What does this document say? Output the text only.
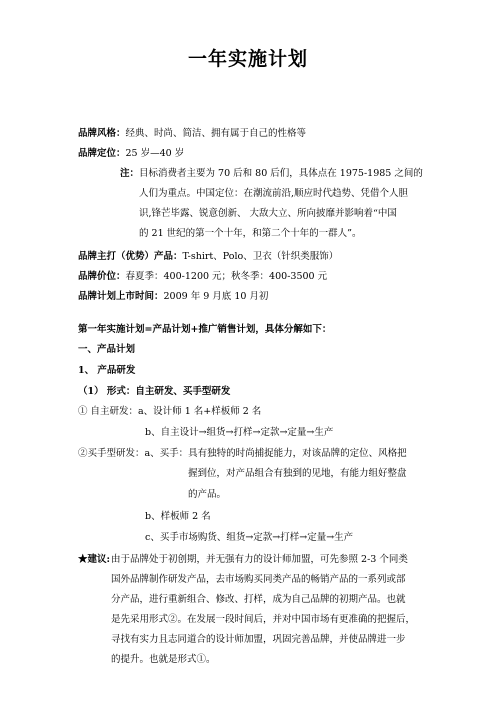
一年实施计划
品牌风格：经典、时尚、简洁、拥有属于自己的性格等
品牌定位：25 岁—40 岁
注： 目标消费者主要为 70 后和 80 后们，具体点在 1975-1985 之间的
人们为重点。中国定位：在潮流前沿,顺应时代趋势、凭借个人胆
识,锋芒毕露、锐意创新、 大敌大立、所向披靡并影响着“中国
的 21 世纪的第一个十年，和第二个十年的一群人”。
品牌主打（优势）产品：T-shirt、Polo、卫衣（针织类服饰）
品牌价位：春夏季：400-1200 元；秋冬季：400-3500 元
品牌计划上市时间：2009 年 9 月底 10 月初
第一年实施计划=产品计划+推广销售计划，具体分解如下：
一、产品计划
1、 产品研发
（1） 形式：自主研发、买手型研发
① 自主研发：a、设计师 1 名+样板师 2 名
b、自主设计→组货→打样→定款→定量→生产
②买手型研发：a、买手：具有独特的时尚捕捉能力，对该品牌的定位、风格把
握到位，对产品组合有独到的见地，有能力组好整盘
的产品。
b、样板师 2 名
c、买手市场购货、组货→定款→打样→定量→生产
★建议: 由于品牌处于初创期，并无强有力的设计师加盟，可先参照 2-3 个同类
国外品牌制作研发产品，去市场购买同类产品的畅销产品的一系列或部
分产品，进行重新组合、修改、打样，成为自己品牌的初期产品。也就
是先采用形式②。在发展一段时间后，并对中国市场有更准确的把握后，
寻找有实力且志同道合的设计师加盟，巩固完善品牌，并使品牌进一步
的提升。也就是形式①。
